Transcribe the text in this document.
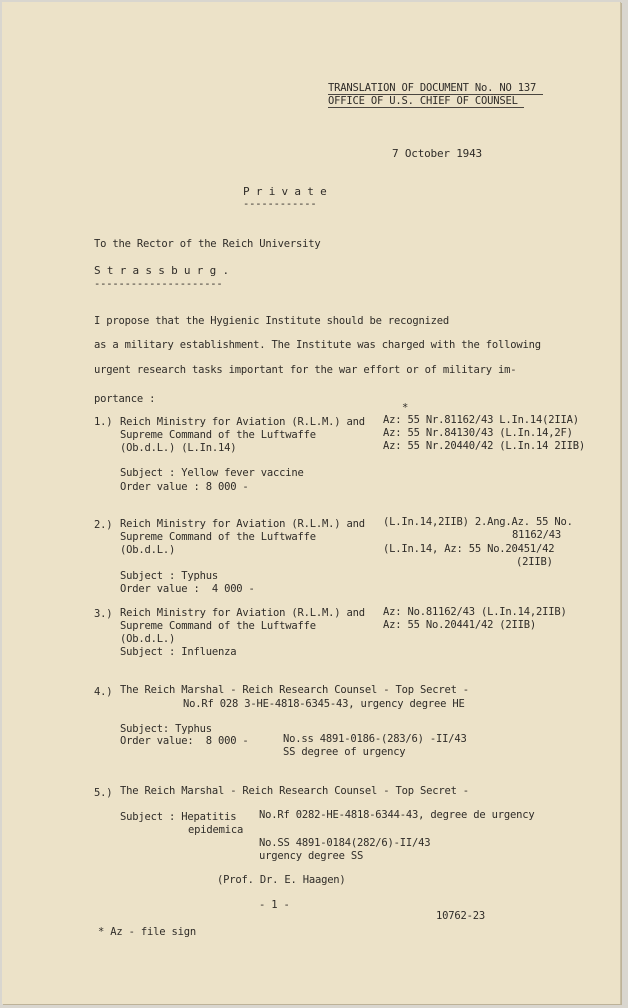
TRANSLATION OF DOCUMENT No. NO 137
OFFICE OF U.S. CHIEF OF COUNSEL
7 October 1943
P r i v a t e
------------
To the Rector of the Reich University
S t r a s s b u r g .
---------------------
I propose that the Hygienic Institute should be recognized
as a military establishment. The Institute was charged with the following
urgent research tasks important for the war effort or of military im-
portance :
*
1.) Reich Ministry for Aviation (R.L.M.) and
Supreme Command of the Luftwaffe
(Ob.d.L.) (L.In.14)
Az: 55 Nr.81162/43 L.In.14(2IIA)
Az: 55 Nr.84130/43 (L.In.14,2F)
Az: 55 Nr.20440/42 (L.In.14 2IIB)
Subject : Yellow fever vaccine
Order value : 8 000 -
2.) Reich Ministry for Aviation (R.L.M.) and
Supreme Command of the Luftwaffe
(Ob.d.L.)
(L.In.14,2IIB) 2.Ang.Az. 55 No.
81162/43
(L.In.14, Az: 55 No.20451/42
(2IIB)
Subject : Typhus
Order value :  4 000 -
3.) Reich Ministry for Aviation (R.L.M.) and
Supreme Command of the Luftwaffe
(Ob.d.L.)
Az: No.81162/43 (L.In.14,2IIB)
Az: 55 No.20441/42 (2IIB)
Subject : Influenza
4.) The Reich Marshal - Reich Research Counsel - Top Secret -
No.Rf 028 3-HE-4818-6345-43, urgency degree HE
Subject: Typhus
Order value:  8 000 -	No.ss 4891-0186-(283/6) -II/43
SS degree of urgency
5.) The Reich Marshal - Reich Research Counsel - Top Secret -
Subject : Hepatitis
epidemica
No.Rf 0282-HE-4818-6344-43, degree de urgency
No.SS 4891-0184(282/6)-II/43
urgency degree SS
(Prof. Dr. E. Haagen)
- 1 -
10762-23
* Az - file sign
